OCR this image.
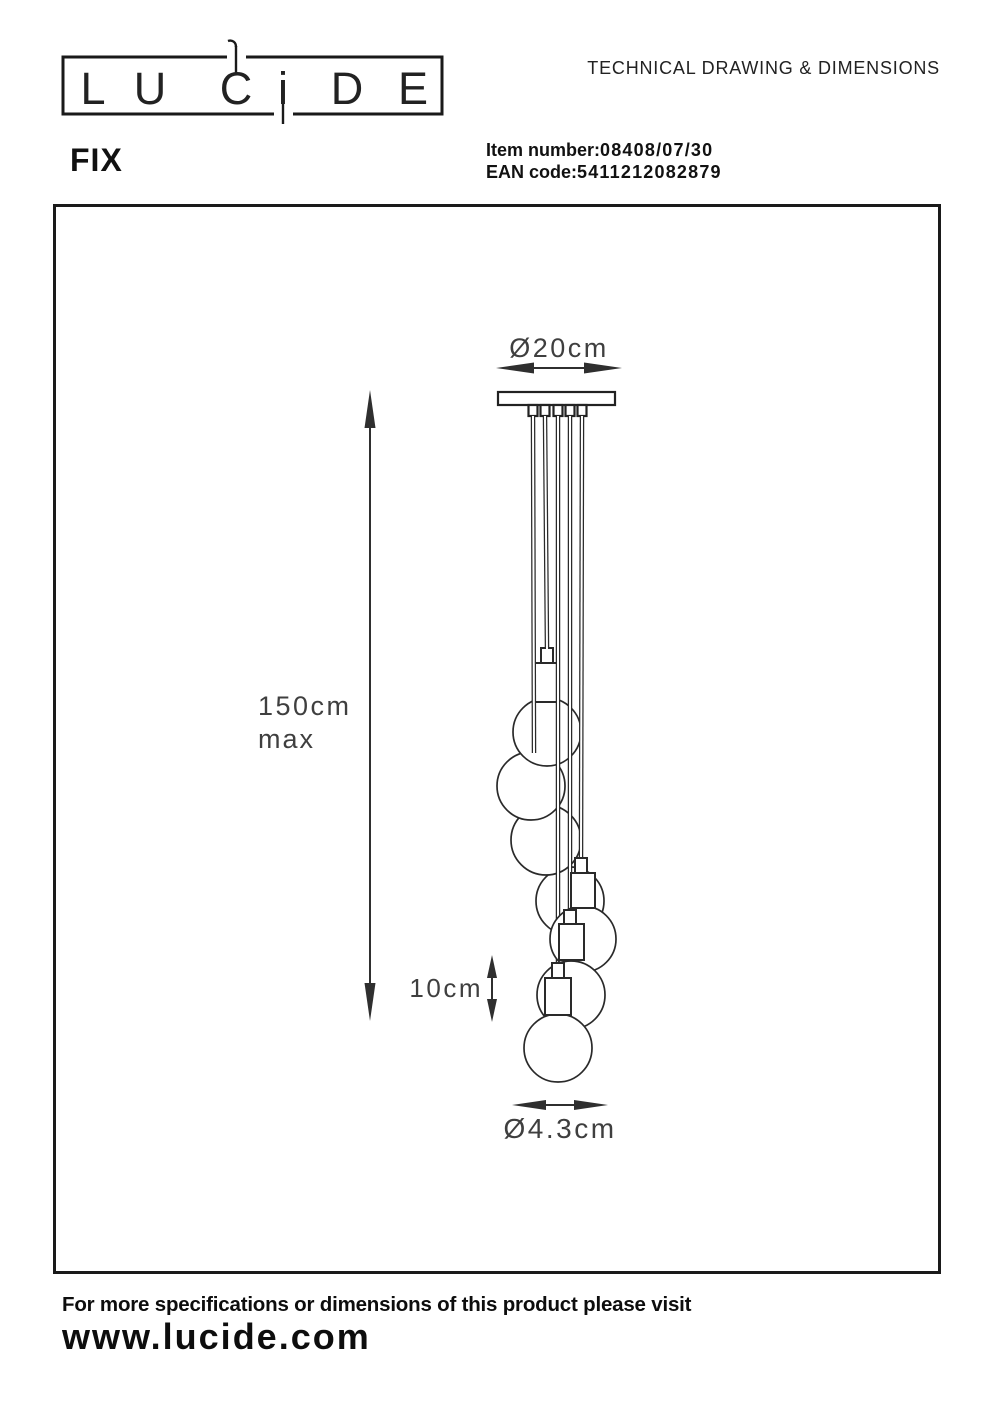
L U C i D E	TECHNICAL DRAWING & DIMENSIONS
FIX	Item number:08408/07/30
EAN code:5411212082879
Ø20cm
150cm
max
10cm
Ø4.3cm
For more specifications or dimensions of this product please visit
www.lucide.com
